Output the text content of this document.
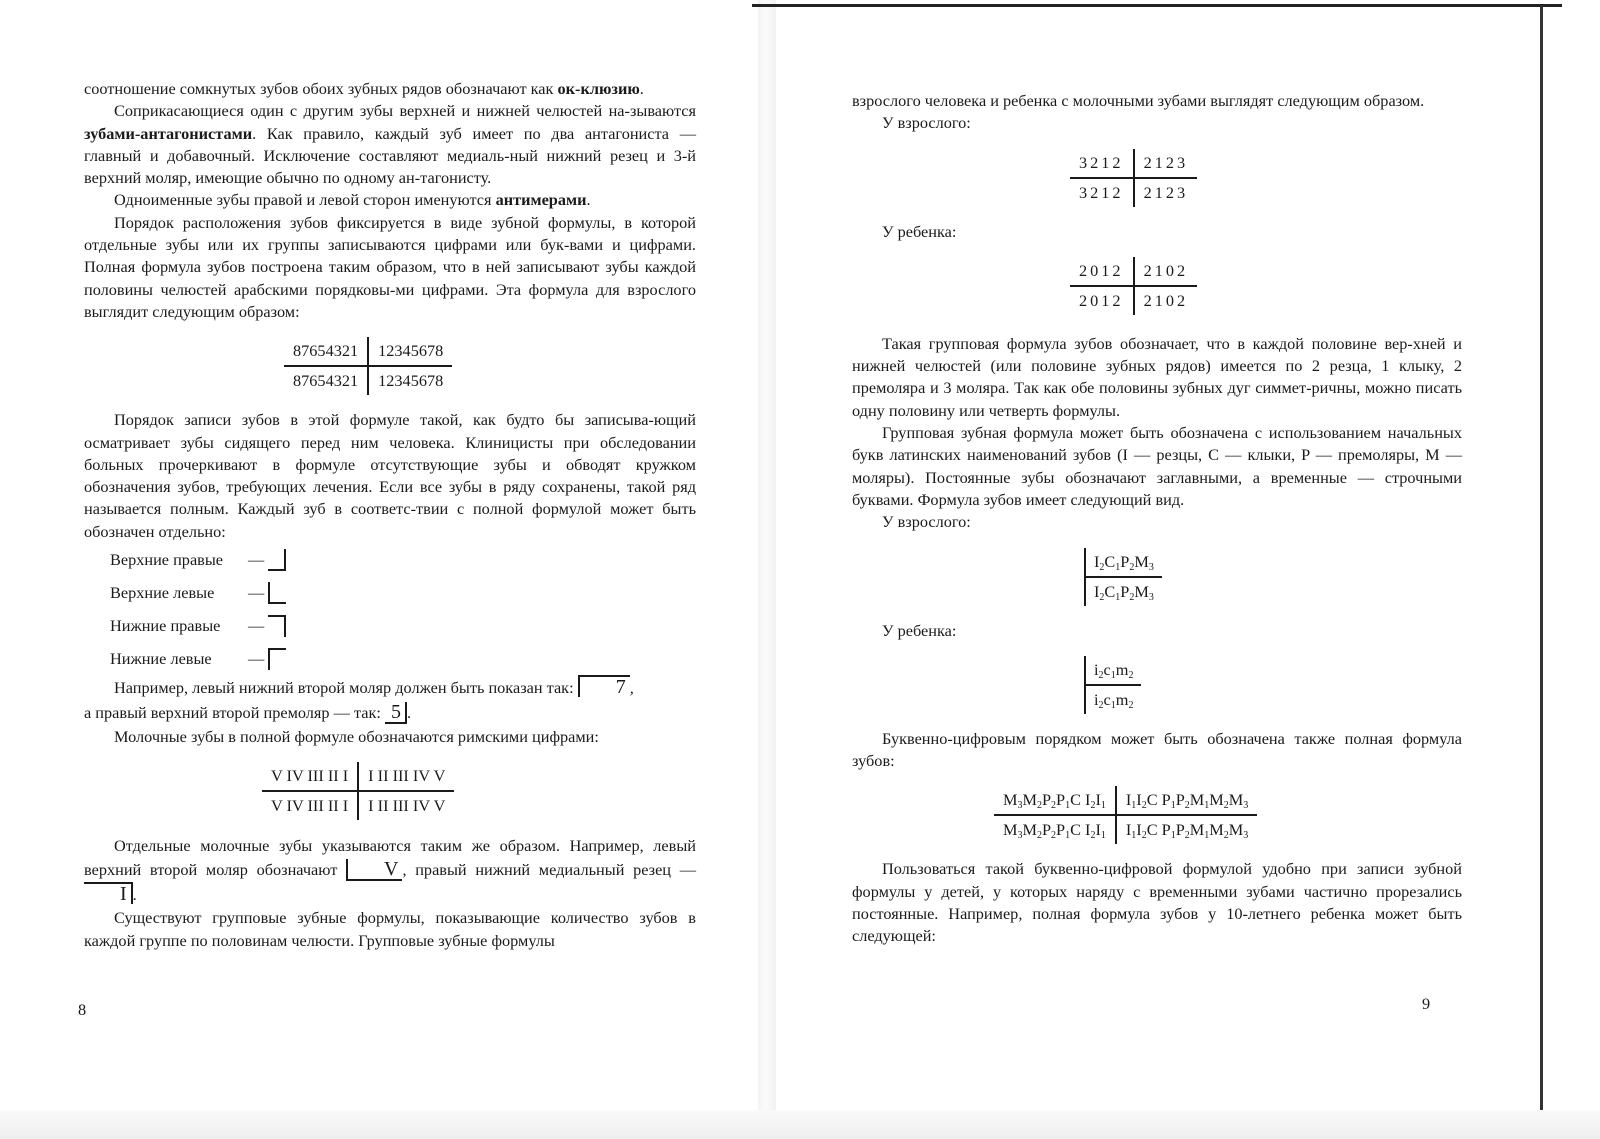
соотношение сомкнутых зубов обоих зубных рядов обозначают как ок-клюзию.

Соприкасающиеся один с другим зубы верхней и нижней челюстей на-зываются зубами-антагонистами. Как правило, каждый зуб имеет по два антагониста — главный и добавочный. Исключение составляют медиаль-ный нижний резец и 3-й верхний моляр, имеющие обычно по одному ан-тагонисту.

Одноименные зубы правой и левой сторон именуются антимерами.

Порядок расположения зубов фиксируется в виде зубной формулы, в которой отдельные зубы или их группы записываются цифрами или бук-вами и цифрами. Полная формула зубов построена таким образом, что в ней записывают зубы каждой половины челюстей арабскими порядковы-ми цифрами. Эта формула для взрослого выглядит следующим образом:

87654321	12345678
87654321	12345678

Порядок записи зубов в этой формуле такой, как будто бы записыва-ющий осматривает зубы сидящего перед ним человека. Клиницисты при обследовании больных прочеркивают в формуле отсутствующие зубы и обводят кружком обозначения зубов, требующих лечения. Если все зубы в ряду сохранены, такой ряд называется полным. Каждый зуб в соответс-твии с полной формулой может быть обозначен отдельно:

Верхние правые	—
Верхние левые	—
Нижние правые	—
Нижние левые	—

Например, левый нижний второй моляр должен быть показан так: 7 ,

а правый верхний второй премоляр — так: 5 .

Молочные зубы в полной формуле обозначаются римскими цифрами:

V IV III II I	I II III IV V
V IV III II I	I II III IV V

Отдельные молочные зубы указываются таким же образом. Например, левый верхний второй моляр обозначают V , правый нижний медиальный резец — I .

Существуют групповые зубные формулы, показывающие количество зубов в каждой группе по половинам челюсти. Групповые зубные формулы

8

взрослого человека и ребенка с молочными зубами выглядят следующим образом.

У взрослого:

3212	2123
3212	2123

У ребенка:

2012	2102
2012	2102

Такая групповая формула зубов обозначает, что в каждой половине вер-хней и нижней челюстей (или половине зубных рядов) имеется по 2 резца, 1 клыку, 2 премоляра и 3 моляра. Так как обе половины зубных дуг симмет-ричны, можно писать одну половину или четверть формулы.

Групповая зубная формула может быть обозначена с использованием начальных букв латинских наименований зубов (I — резцы, C — клыки, P — премоляры, M — моляры). Постоянные зубы обозначают заглавными, а временные — строчными буквами. Формула зубов имеет следующий вид.

У взрослого:

$\frac{I_2C_1P_2M_3}{I_2C_1P_2M_3}$

У ребенка:

$\frac{i_2c_1m_2}{i_2c_1m_2}$

Буквенно-цифровым порядком может быть обозначена также полная формула зубов:

$M_3M_2P_2P_1C$ $I_2I_1$	$I_1I_2C$ $P_1P_2M_1M_2M_3$
$M_3M_2P_2P_1C$ $I_2I_1$	$I_1I_2C$ $P_1P_2M_1M_2M_3$

Пользоваться такой буквенно-цифровой формулой удобно при записи зубной формулы у детей, у которых наряду с временными зубами частично прорезались постоянные. Например, полная формула зубов у 10-летнего ребенка может быть следующей:

9
